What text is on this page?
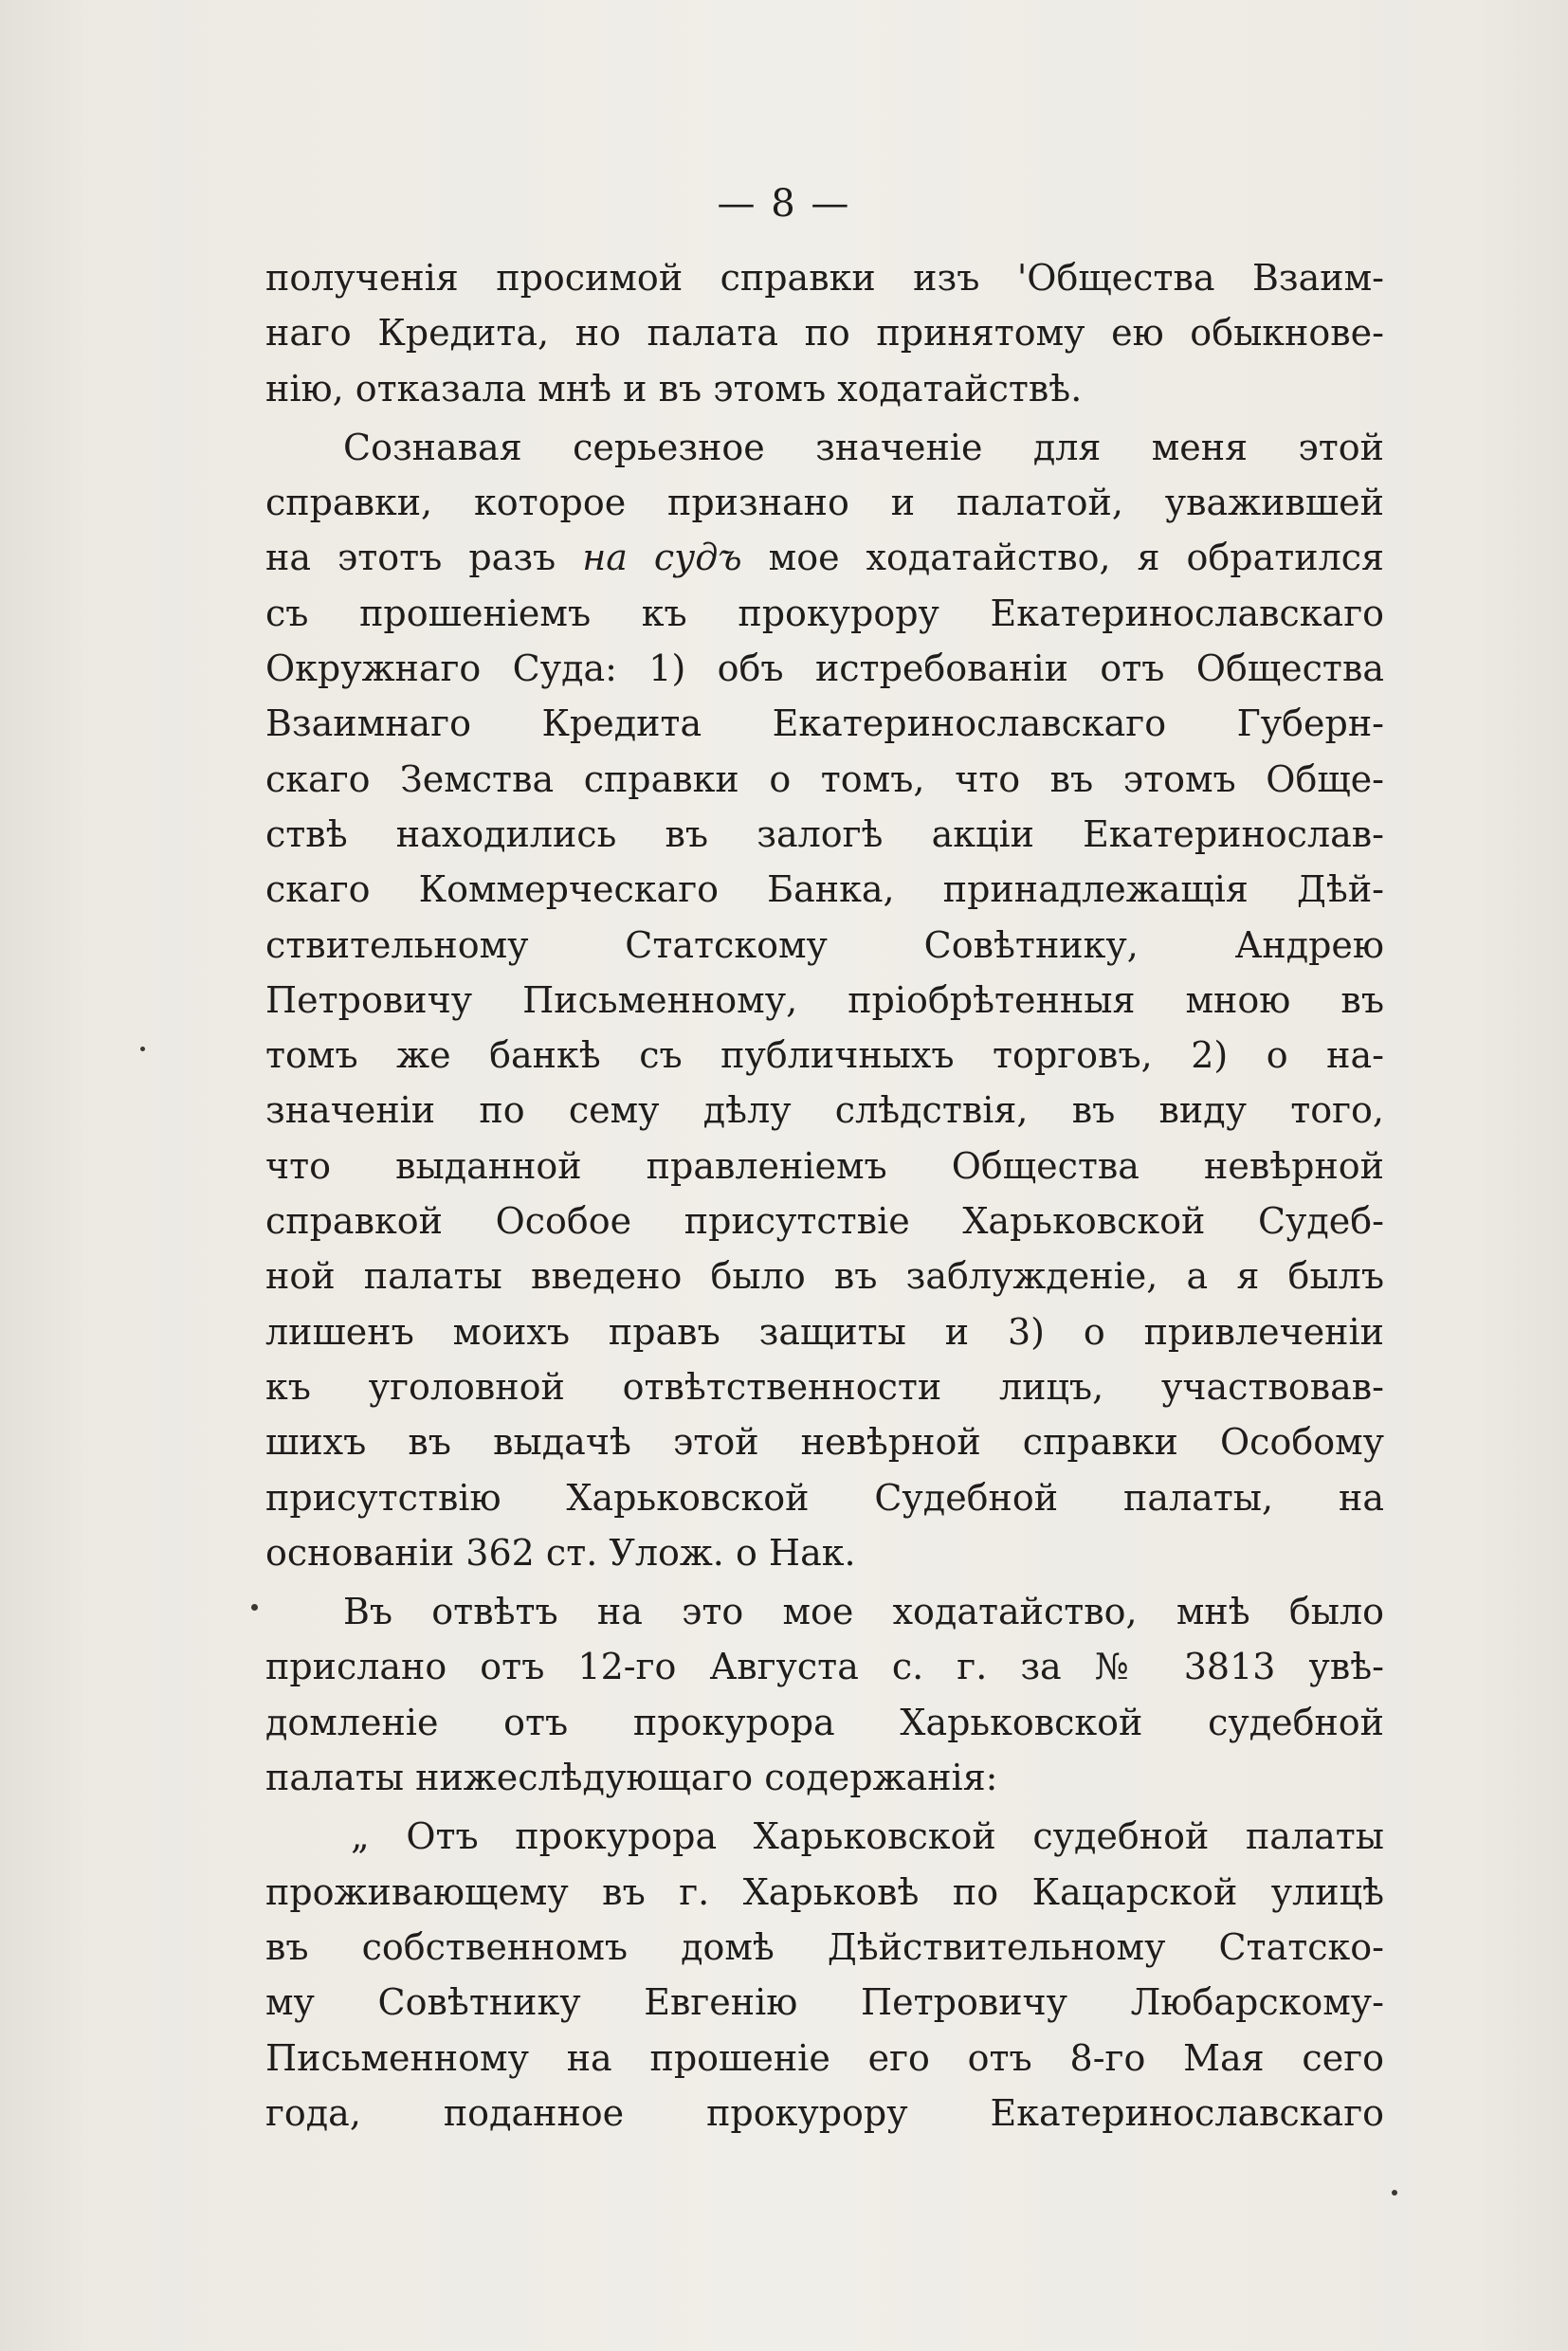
— 8 —
полученія просимой справки изъ 'Общества Взаим-
наго Кредита, но палата по принятому ею обыкнове-
нію, отказала мнѣ и въ этомъ ходатайствѣ.
Сознавая серьезное значеніе для меня этой
справки, которое признано и палатой, уважившей
на этотъ разъ на судъ мое ходатайство, я обратился
съ прошеніемъ къ прокурору Екатеринославскаго
Окружнаго Суда: 1) объ истребованіи отъ Общества
Взаимнаго Кредита Екатеринославскаго Губерн-
скаго Земства справки о томъ, что въ этомъ Обще-
ствѣ находились въ залогѣ акціи Екатеринослав-
скаго Коммерческаго Банка, принадлежащія Дѣй-
ствительному Статскому Совѣтнику, Андрею
Петровичу Письменному, пріобрѣтенныя мною въ
томъ же банкѣ съ публичныхъ торговъ, 2) о на-
значеніи по сему дѣлу слѣдствія, въ виду того,
что выданной правленіемъ Общества невѣрной
справкой Особое присутствіе Харьковской Судеб-
ной палаты введено было въ заблужденіе, а я былъ
лишенъ моихъ правъ защиты и 3) о привлеченіи
къ уголовной отвѣтственности лицъ, участвовав-
шихъ въ выдачѣ этой невѣрной справки Особому
присутствію Харьковской Судебной палаты, на
основаніи 362 ст. Улож. о Нак.
Въ отвѣтъ на это мое ходатайство, мнѣ было
прислано отъ 12-го Августа с. г. за № 3813 увѣ-
домленіе отъ прокурора Харьковской судебной
палаты нижеслѣдующаго содержанія:
„ Отъ прокурора Харьковской судебной палаты
проживающему въ г. Харьковѣ по Кацарской улицѣ
въ собственномъ домѣ Дѣйствительному Статско-
му Совѣтнику Евгенію Петровичу Любарскому-
Письменному на прошеніе его отъ 8-го Мая сего
года, поданное прокурору Екатеринославскаго
